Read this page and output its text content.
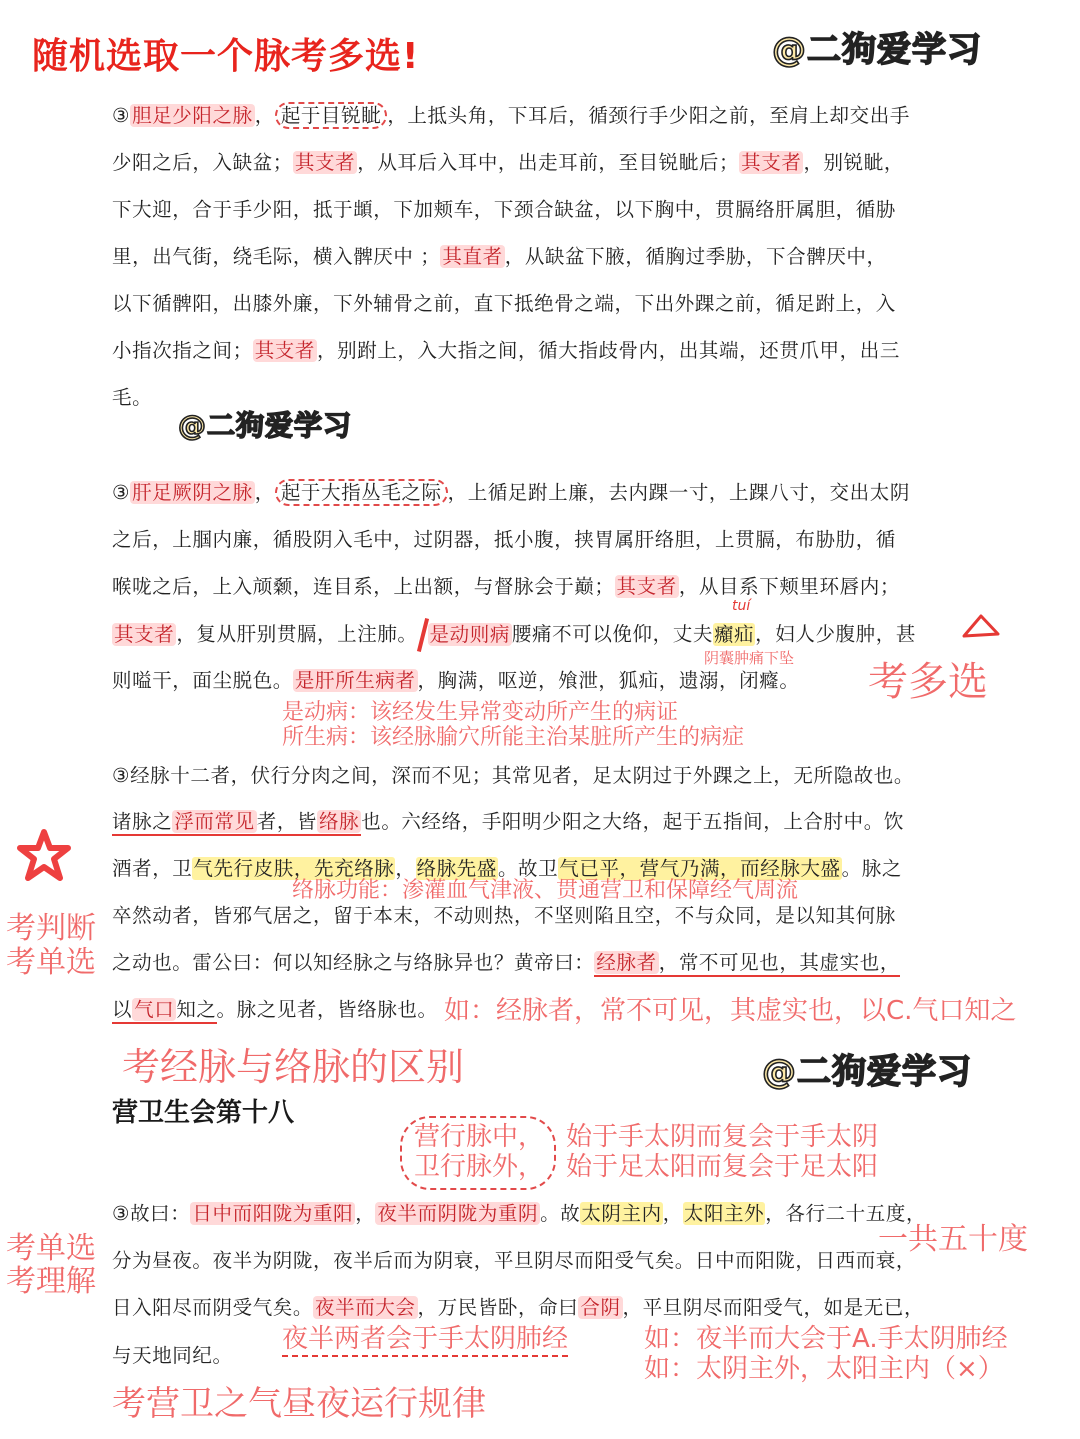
随机选取一个脉考多选!	@二狗爱学习
③ 胆足少阳之脉 ， 起于目锐眦 ，上抵头角，下耳后，循颈行手少阳之前，至肩上却交出手
少阳之后，入缺盆； 其支者 ，从耳后入耳中，出走耳前，至目锐眦后； 其支者 ，别锐眦，
下大迎，合于手少阳，抵于䪼，下加颊车，下颈合缺盆，以下胸中，贯膈络肝属胆，循胁
里，出气街，绕毛际，横入髀厌中 ； 其直者 ，从缺盆下腋，循胸过季胁，下合髀厌中，
以下循髀阳，出膝外廉，下外辅骨之前，直下抵绝骨之端，下出外踝之前，循足跗上，入
小指次指之间； 其支者 ，别跗上，入大指之间，循大指歧骨内，出其端，还贯爪甲，出三
毛。
@二狗爱学习
③ 肝足厥阴之脉 ， 起于大指丛毛之际 ，上循足跗上廉，去内踝一寸，上踝八寸，交出太阴
之后，上腘内廉，循股阴入毛中，过阴器，抵小腹，挟胃属肝络胆，上贯膈，布胁肋，循
喉咙之后，上入颃颡，连目系，上出额，与督脉会于巅； 其支者 ，从目系下颊里环唇内；
tuí
其支者 ，复从肝别贯膈，上注肺。 是动则病 腰痛不可以俛仰，丈夫㿗疝，妇人少腹肿，甚
阴囊肿痛下坠
则嗌干，面尘脱色。 是肝所生病者 ，胸满，呕逆，飧泄，狐疝，遗溺，闭癃。 考多选
是动病：该经发生异常变动所产生的病证
所生病：该经脉腧穴所能主治某脏所产生的病症
③经脉十二者，伏行分肉之间，深而不见；其常见者，足太阴过于外踝之上，无所隐故也。
诸脉之 浮而常见 者，皆 络脉 也。六经络，手阳明少阳之大络，起于五指间，上合肘中。饮
酒者，卫气先行皮肤，先充络脉，络脉先盛。故卫气已平，营气乃满，而经脉大盛。脉之
络脉功能：渗灌血气津液、贯通营卫和保障经气周流
卒然动者，皆邪气居之，留于本末，不动则热，不坚则陷且空，不与众同，是以知其何脉
考判断
考单选 之动也。雷公曰：何以知经脉之与络脉异也？黄帝曰： 经脉者 ，常不可见也，其虚实也，
以 气口 知之。脉之见者，皆络脉也。 如：经脉者，常不可见，其虚实也，以C.气口知之
考经脉与络脉的区别	@二狗爱学习
营卫生会第十八
营行脉中，
卫行脉外，
始于手太阴而复会于手太阴
始于足太阳而复会于足太阳
③故曰： 日中而阳陇为重阳 ， 夜半而阴陇为重阴 。故太阴主内，太阳主外，各行二十五度，
一共五十度
考单选
考理解
分为昼夜。夜半为阴陇，夜半后而为阴衰，平旦阴尽而阳受气矣。日中而阳陇，日西而衰，
日入阳尽而阴受气矣。 夜半而大会 ，万民皆卧，命曰 合阴 ，平旦阴尽而阳受气，如是无已，
与天地同纪。
夜半两者会于手太阴肺经	如：夜半而大会于A.手太阴肺经
如：太阴主外，太阳主内（×）
考营卫之气昼夜运行规律
